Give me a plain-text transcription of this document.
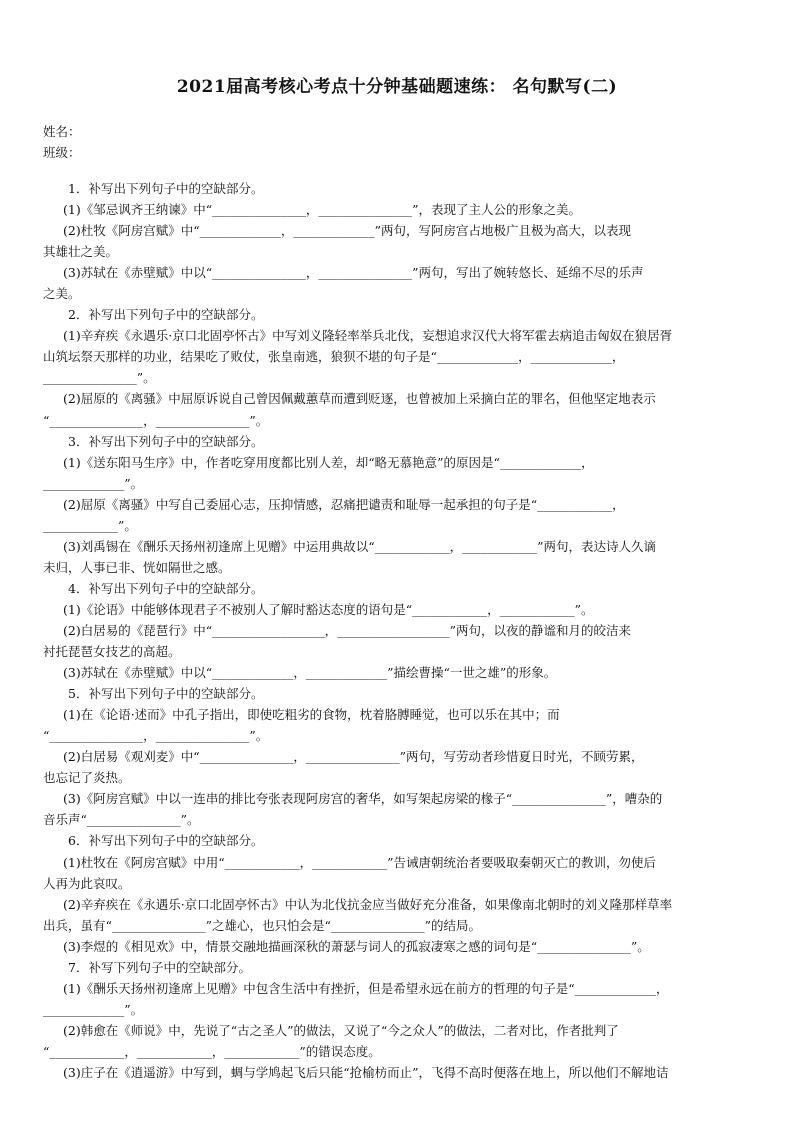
2021届高考核心考点十分钟基础题速练： 名句默写(二)
姓名：
班级：
1．补写出下列句子中的空缺部分。
(1)《邹忌讽齐王纳谏》中“_______________，_______________”，表现了主人公的形象之美。
(2)杜牧《阿房宫赋》中“_____________，_____________”两句，写阿房宫占地极广且极为高大，以表现
其雄壮之美。
(3)苏轼在《赤壁赋》中以“_______________，_______________”两句，写出了婉转悠长、延绵不尽的乐声
之美。
2．补写出下列句子中的空缺部分。
(1)辛弃疾《永遇乐·京口北固亭怀古》中写刘义隆轻率举兵北伐，妄想追求汉代大将军霍去病追击匈奴在狼居胥
山筑坛祭天那样的功业，结果吃了败仗，张皇南逃，狼狈不堪的句子是“_____________，_____________，
_______________”。
(2)屈原的《离骚》中屈原诉说自己曾因佩戴蕙草而遭到贬逐，也曾被加上采摘白芷的罪名，但他坚定地表示
“_______________，_______________”。
3．补写出下列句子中的空缺部分。
(1)《送东阳马生序》中，作者吃穿用度都比别人差，却“略无慕艳意”的原因是“_____________，
_____________”。
(2)屈原《离骚》中写自己委屈心志，压抑情感，忍痛把谴责和耻辱一起承担的句子是“____________，
____________”。
(3)刘禹锡在《酬乐天扬州初逢席上见赠》中运用典故以“____________，____________”两句，表达诗人久谪
未归，人事已非、恍如隔世之感。
4．补写出下列句子中的空缺部分。
(1)《论语》中能够体现君子不被别人了解时豁达态度的语句是“____________，____________”。
(2)白居易的《琵琶行》中“__________________，__________________”两句，以夜的静谧和月的皎洁来
衬托琵琶女技艺的高超。
(3)苏轼在《赤壁赋》中以“_____________，_____________”描绘曹操“一世之雄”的形象。
5．补写出下列句子中的空缺部分。
(1)在《论语·述而》中孔子指出，即使吃粗劣的食物，枕着胳膊睡觉，也可以乐在其中；而
“_______________，_______________”。
(2)白居易《观刈麦》中“_______________，_______________”两句，写劳动者珍惜夏日时光，不顾劳累，
也忘记了炎热。
(3)《阿房宫赋》中以一连串的排比夸张表现阿房宫的奢华，如写架起房梁的椽子“_______________”，嘈杂的
音乐声“_______________”。
6．补写出下列句子中的空缺部分。
(1)杜牧在《阿房宫赋》中用“____________，____________”告诫唐朝统治者要吸取秦朝灭亡的教训，勿使后
人再为此哀叹。
(2)辛弃疾在《永遇乐·京口北固亭怀古》中认为北伐抗金应当做好充分准备，如果像南北朝时的刘义隆那样草率
出兵，虽有“_______________”之雄心，也只怕会是“_______________”的结局。
(3)李煜的《相见欢》中，情景交融地描画深秋的萧瑟与词人的孤寂凄寒之感的词句是“_______________”。
7．补写下列句子中的空缺部分。
(1)《酬乐天扬州初逢席上见赠》中包含生活中有挫折，但是希望永远在前方的哲理的句子是“_____________，
_____________”。
(2)韩愈在《师说》中，先说了“古之圣人”的做法，又说了“今之众人”的做法，二者对比，作者批判了
“____________，____________，____________”的错误态度。
(3)庄子在《逍遥游》中写到，蜩与学鸠起飞后只能“抢榆枋而止”，飞得不高时便落在地上，所以他们不解地诘
